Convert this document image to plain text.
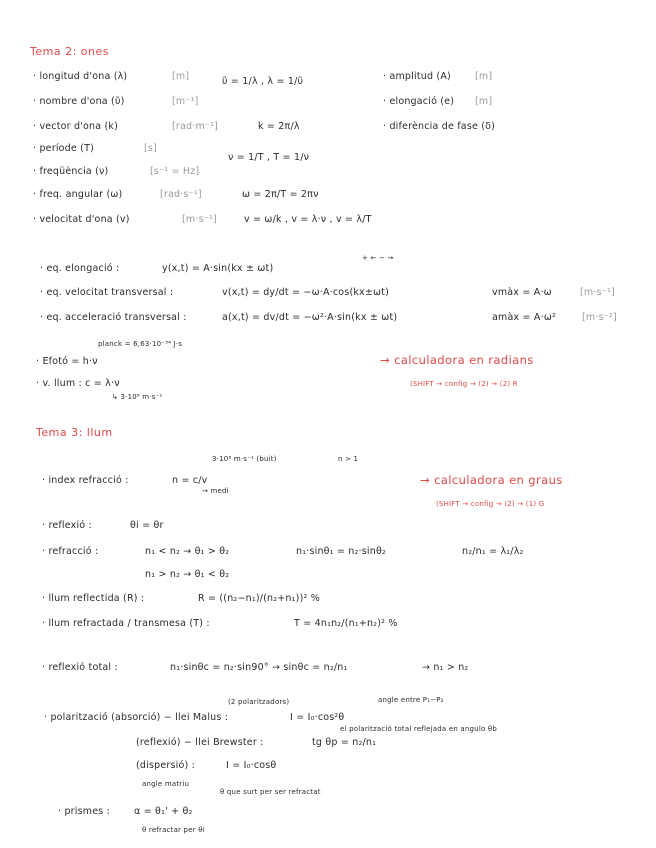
Tema 2: ones
· longitud d'ona (λ)	[m]	ῦ = 1/λ , λ = 1/ῦ	· amplitud (A)	[m]
· nombre d'ona (ῦ)	[m⁻¹]	· elongació (e) [m]
· vector d'ona (k)	[rad·m⁻¹]	k = 2π/λ	· diferència de fase (δ)
· període (T)	[s]
ν = 1/T , T = 1/ν
· freqüència (ν)	[s⁻¹ = Hz]
· freq. angular (ω)	[rad·s⁻¹]	ω = 2π/T = 2πν
· velocitat d'ona (v)	[m·s⁻¹]	v = ω/k , v = λ·ν , v = λ/T
+ ← − →
· eq. elongació :	y(x,t) = A·sin(kx ± ωt)
· eq. velocitat transversal :	v(x,t) = dy/dt = −ω·A·cos(kx±ωt)	vmàx = A·ω	[m·s⁻¹]
· eq. acceleració transversal :	a(x,t) = dv/dt = −ω²·A·sin(kx ± ωt)	amàx = A·ω²	[m·s⁻²]
planck = 6,63·10⁻³⁴ J·s
· Efotó = h·ν	→ calculadora en radians
· v. llum : c = λ·ν	(SHIFT → config → (2) → (2) R
↳ 3·10⁸ m·s⁻¹
Tema 3: llum
3·10⁸ m·s⁻¹ (buit)	n > 1
· index refracció :	n = c/v
→ medi
→ calculadora en graus
(SHIFT → config → (2) → (1) G
· reflexió :	θi = θr
· refracció :	n₁ < n₂ → θ₁ > θ₂	n₁·sinθ₁ = n₂·sinθ₂	n₂/n₁ = λ₁/λ₂
n₁ > n₂ → θ₁ < θ₂
· llum reflectida (R) :	R = ((n₂−n₁)/(n₂+n₁))² %
· llum refractada / transmesa (T) :	T = 4n₁n₂/(n₁+n₂)² %
· reflexió total :	n₁·sinθc = n₂·sin90° → sinθc = n₂/n₁	→ n₁ > n₂
(2 polaritzadors)	angle entre P₁−P₂
· polarització (absorció) − llei Malus :	I = I₀·cos²θ
el polarització total reflejada en angulo θb
(reflexió) − llei Brewster :	tg θp = n₂/n₁
(dispersió) :	I = I₀·cosθ
angle matriu
θ que surt per ser refractat
· prismes :	α = θ₁' + θ₂
θ refractar per θi
